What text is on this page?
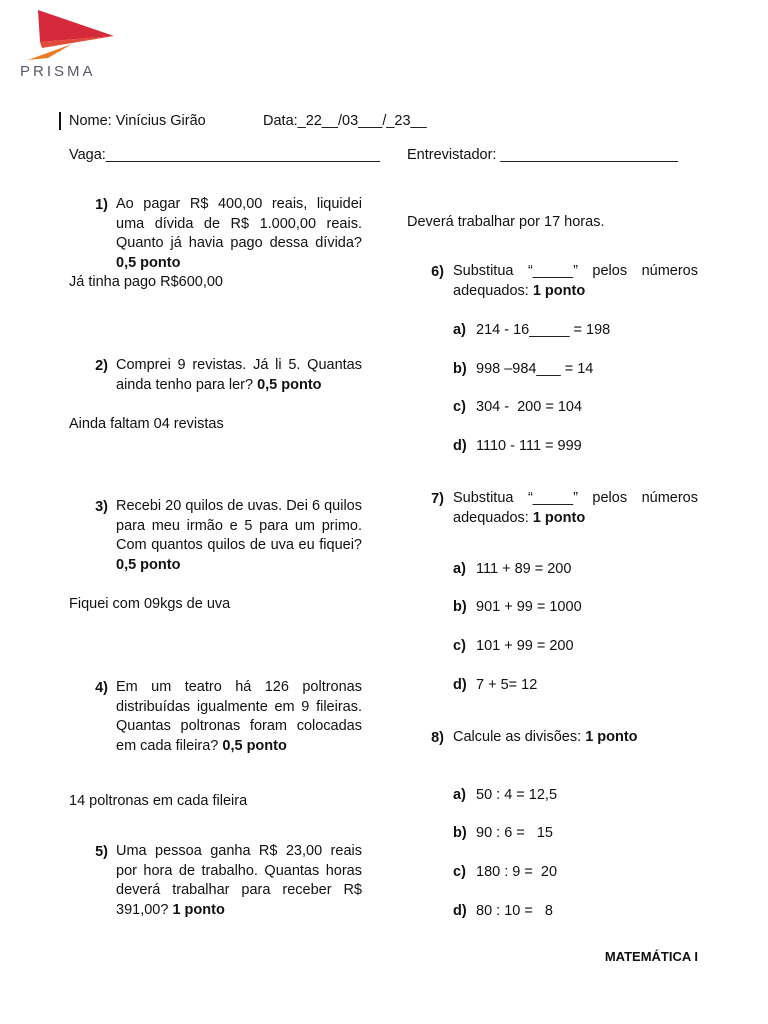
PRISMA
Nome: Vinícius Girão	Data:_22__/03___/_23__
Vaga:__________________________________ Entrevistador: ______________________
1) Ao pagar R$ 400,00 reais, liquidei uma dívida de R$ 1.000,00 reais. Quanto já havia pago dessa dívida? 0,5 ponto
Já tinha pago R$600,00
2) Comprei 9 revistas. Já li 5. Quantas ainda tenho para ler? 0,5 ponto
Ainda faltam 04 revistas
3) Recebi 20 quilos de uvas. Dei 6 quilos para meu irmão e 5 para um primo. Com quantos quilos de uva eu fiquei? 0,5 ponto
Fiquei com 09kgs de uva
4) Em um teatro há 126 poltronas distribuídas igualmente em 9 fileiras. Quantas poltronas foram colocadas em cada fileira? 0,5 ponto
14 poltronas em cada fileira
5) Uma pessoa ganha R$ 23,00 reais por hora de trabalho. Quantas horas deverá trabalhar para receber R$ 391,00? 1 ponto
Deverá trabalhar por 17 horas.
6) Substitua “_____” pelos números adequados: 1 ponto
a) 214 - 16_____ = 198
b) 998 –984___ = 14
c) 304 -  200 = 104
d) 1110 - 111 = 999
7) Substitua “_____” pelos números adequados: 1 ponto
a) 111 + 89 = 200
b) 901 + 99 = 1000
c) 101 + 99 = 200
d) 7 + 5= 12
8) Calcule as divisões: 1 ponto
a) 50 : 4 = 12,5
b) 90 : 6 =   15
c) 180 : 9 =  20
d) 80 : 10 =   8
MATEMÁTICA I
